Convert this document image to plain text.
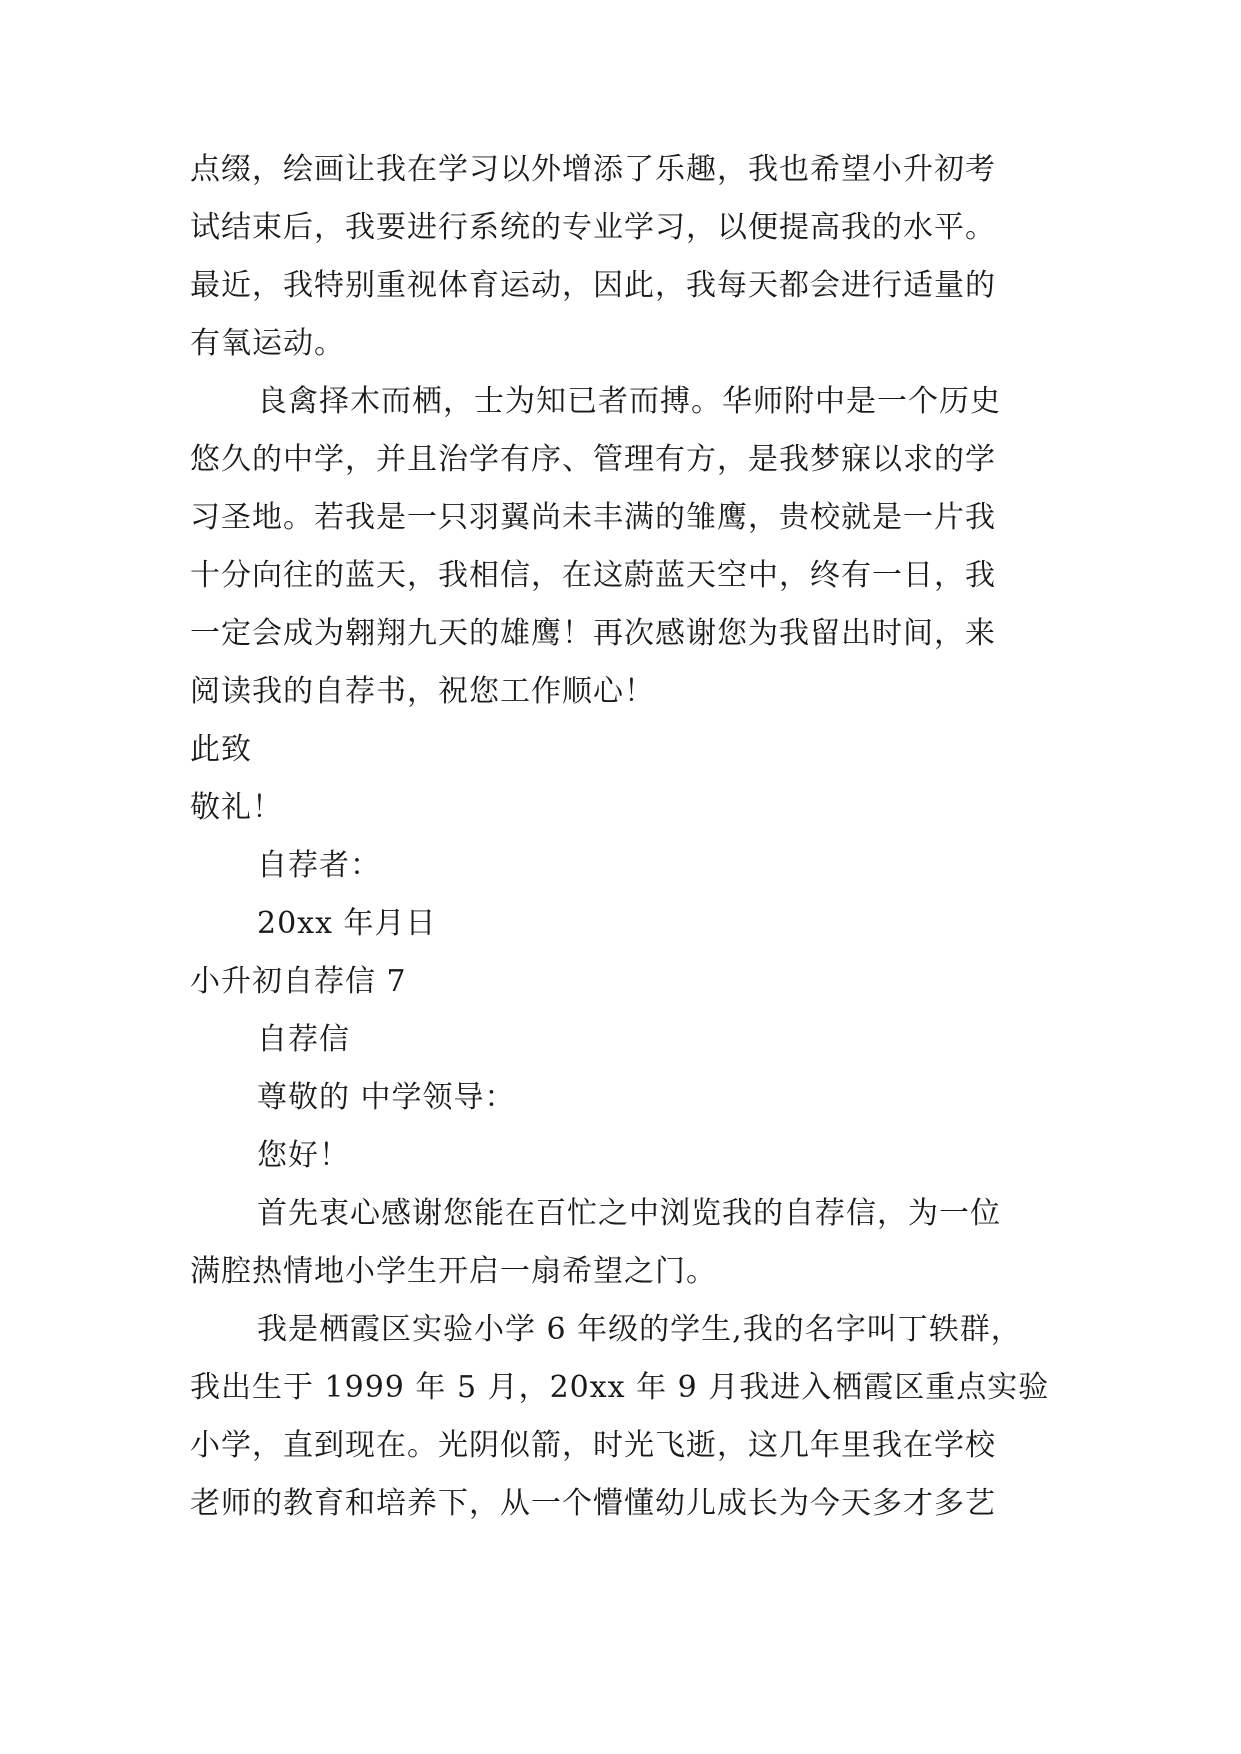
点缀，绘画让我在学习以外增添了乐趣，我也希望小升初考
试结束后，我要进行系统的专业学习，以便提高我的水平。
最近，我特别重视体育运动，因此，我每天都会进行适量的
有氧运动。
良禽择木而栖，士为知已者而搏。华师附中是一个历史
悠久的中学，并且治学有序、管理有方，是我梦寐以求的学
习圣地。若我是一只羽翼尚未丰满的雏鹰，贵校就是一片我
十分向往的蓝天，我相信，在这蔚蓝天空中，终有一日，我
一定会成为翱翔九天的雄鹰！再次感谢您为我留出时间，来
阅读我的自荐书，祝您工作顺心！
此致
敬礼！
自荐者：
20xx 年月日
小升初自荐信 7
自荐信
尊敬的 中学领导：
您好！
首先衷心感谢您能在百忙之中浏览我的自荐信，为一位
满腔热情地小学生开启一扇希望之门。
我是栖霞区实验小学 6 年级的学生,我的名字叫丁轶群，
我出生于 1999 年 5 月，20xx 年 9 月我进入栖霞区重点实验
小学，直到现在。光阴似箭，时光飞逝，这几年里我在学校
老师的教育和培养下，从一个懵懂幼儿成长为今天多才多艺
